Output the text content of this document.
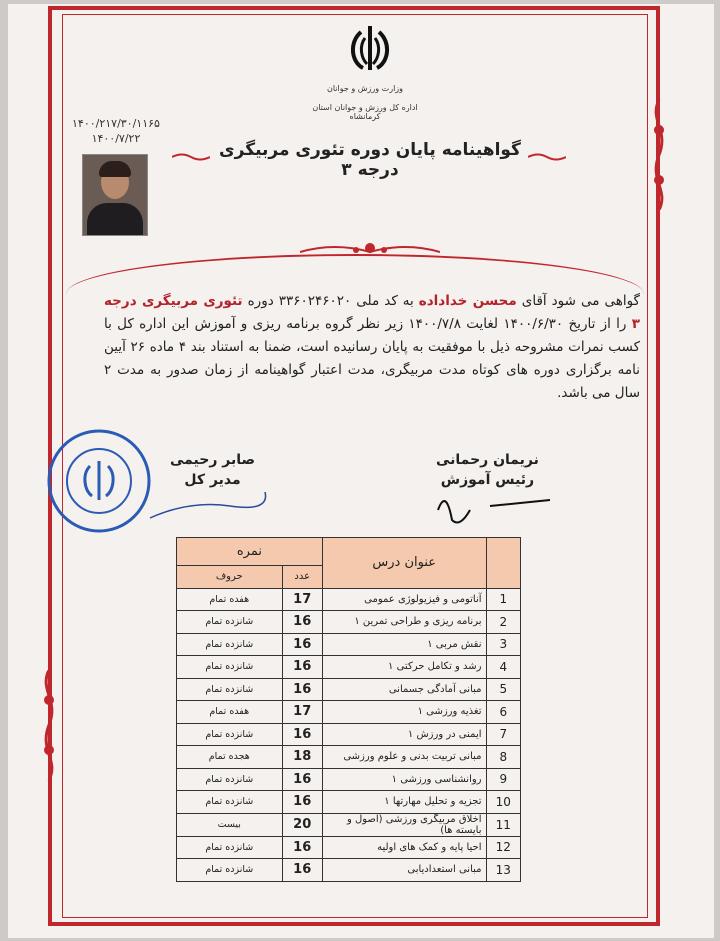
وزارت ورزش و جوانان
اداره کل ورزش و جوانان استان کرمانشاه
۱۴۰۰/۲۱۷/۳۰/۱۱۶۵
۱۴۰۰/۷/۲۲
گواهینامه پایان دوره تئوری مربیگری درجه ۳
گواهی می شود آقای محسن خداداده به کد ملی ۳۳۶۰۲۴۶۰۲۰ دوره تئوری مربیگری درجه ۳ را از تاریخ ۱۴۰۰/۶/۳۰ لغایت ۱۴۰۰/۷/۸ زیر نظر گروه برنامه ریزی و آموزش این اداره کل با کسب نمرات مشروحه ذیل با موفقیت به پایان رسانیده است، ضمنا به استناد بند ۴ ماده ۲۶ آیین نامه برگزاری دوره های کوتاه مدت مربیگری، مدت اعتبار گواهینامه از زمان صدور به مدت ۲ سال می باشد.
صابر رحیمی
مدیر کل
نریمان رحمانی
رئیس آموزش
	عنوان درس	نمره	
		عدد	حروف
1	آناتومی و فیزیولوژی عمومی	17	هفده تمام
2	برنامه ریزی و طراحی تمرین ۱	16	شانزده تمام
3	نقش مربی ۱	16	شانزده تمام
4	رشد و تکامل حرکتی ۱	16	شانزده تمام
5	مبانی آمادگی جسمانی	16	شانزده تمام
6	تغذیه ورزشی ۱	17	هفده تمام
7	ایمنی در ورزش ۱	16	شانزده تمام
8	مبانی تربیت بدنی و علوم ورزشی	18	هجده تمام
9	روانشناسی ورزشی ۱	16	شانزده تمام
10	تجزیه و تحلیل مهارتها ۱	16	شانزده تمام
11	اخلاق مربیگری ورزشی (اصول و بایسته ها)	20	بیست
12	احیا پایه و کمک های اولیه	16	شانزده تمام
13	مبانی استعدادیابی	16	شانزده تمام
